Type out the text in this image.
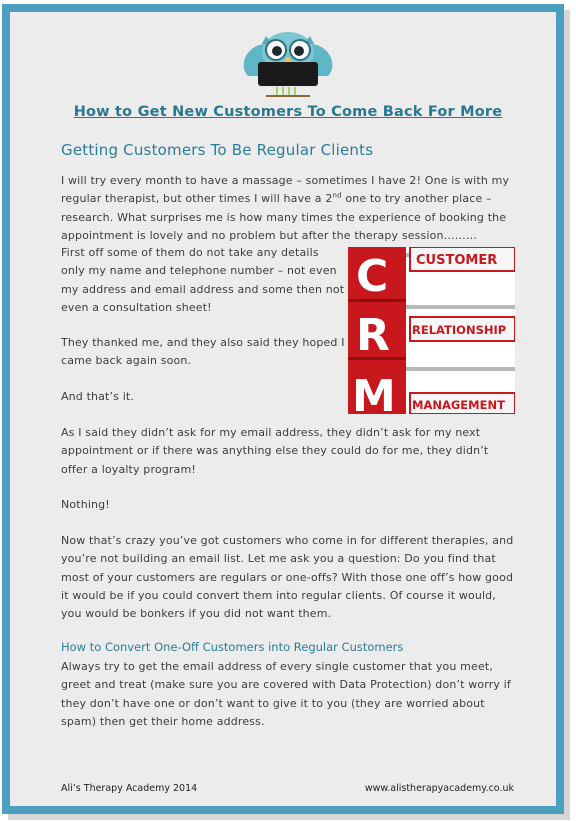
How to Get New Customers To Come Back For More
Getting Customers To Be Regular Clients
I will try every month to have a massage – sometimes I have 2! One is with my regular therapist, but other times I will have a 2nd one to try another place – research. What surprises me is how many times the experience of booking the appointment is lovely and no problem but after the therapy session………
First off some of them do not take any details only my name and telephone number – not even my address and email address and some then not even a consultation sheet!
They thanked me, and they also said they hoped I came back again soon.
And that’s it.
C
R
M
CUSTOMER
RELATIONSHIP
MANAGEMENT
As I said they didn’t ask for my email address, they didn’t ask for my next appointment or if there was anything else they could do for me, they didn’t offer a loyalty program!
Nothing!
Now that’s crazy you’ve got customers who come in for different therapies, and you’re not building an email list. Let me ask you a question: Do you find that most of your customers are regulars or one-offs? With those one off’s how good it would be if you could convert them into regular clients. Of course it would, you would be bonkers if you did not want them.
How to Convert One-Off Customers into Regular Customers
Always try to get the email address of every single customer that you meet, greet and treat (make sure you are covered with Data Protection) don’t worry if they don’t have one or don’t want to give it to you (they are worried about spam) then get their home address.
Ali’s Therapy Academy 2014	www.alistherapyacademy.co.uk
